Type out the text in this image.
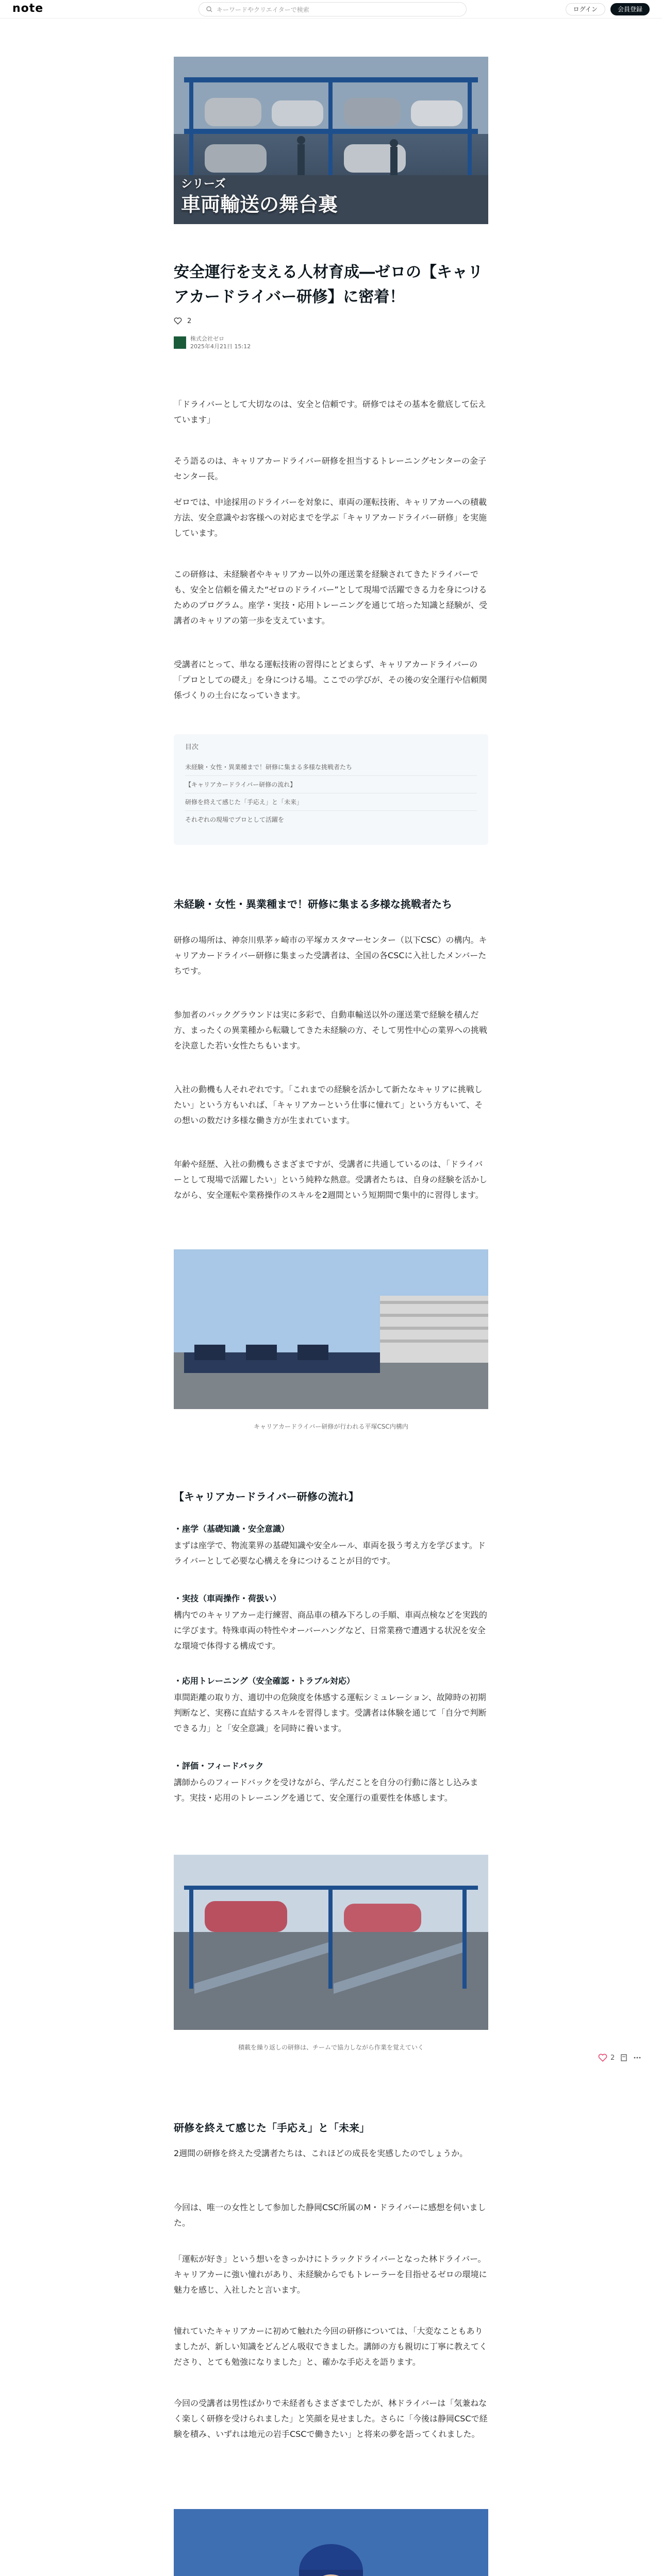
note	キーワードやクリエイターで検索	ログイン	会員登録
シリーズ
車両輸送の舞台裏
安全運行を支える人材育成―ゼロの【キャリアカードライバー研修】に密着！
2
株式会社ゼロ
2025年4月21日 15:12

「ドライバーとして大切なのは、安全と信頼です。研修ではその基本を徹底して伝えています」

そう語るのは、キャリアカードライバー研修を担当するトレーニングセンターの金子センター長。

ゼロでは、中途採用のドライバーを対象に、車両の運転技術、キャリアカーへの積載方法、安全意識やお客様への対応までを学ぶ「キャリアカードライバー研修」を実施しています。

この研修は、未経験者やキャリアカー以外の運送業を経験されてきたドライバーでも、安全と信頼を備えた“ゼロのドライバー”として現場で活躍できる力を身につけるためのプログラム。座学・実技・応用トレーニングを通じて培った知識と経験が、受講者のキャリアの第一歩を支えています。

受講者にとって、単なる運転技術の習得にとどまらず、キャリアカードライバーの「プロとしての礎え」を身につける場。ここでの学びが、その後の安全運行や信頼関係づくりの土台になっていきます。

目次
未経験・女性・異業種まで！研修に集まる多様な挑戦者たち
【キャリアカードライバー研修の流れ】
研修を終えて感じた「手応え」と「未来」
それぞれの現場でプロとして活躍を
未経験・女性・異業種まで！研修に集まる多様な挑戦者たち

研修の場所は、神奈川県茅ヶ崎市の平塚カスタマーセンター（以下CSC）の構内。キャリアカードライバー研修に集まった受講者は、全国の各CSCに入社したメンバーたちです。

参加者のバックグラウンドは実に多彩で、自動車輸送以外の運送業で経験を積んだ方、まったくの異業種から転職してきた未経験の方、そして男性中心の業界への挑戦を決意した若い女性たちもいます。

入社の動機も人それぞれです。「これまでの経験を活かして新たなキャリアに挑戦したい」という方もいれば、「キャリアカーという仕事に憧れて」という方もいて、その想いの数だけ多様な働き方が生まれています。

年齢や経歴、入社の動機もさまざまですが、受講者に共通しているのは、「ドライバーとして現場で活躍したい」という純粋な熱意。受講者たちは、自身の経験を活かしながら、安全運転や業務操作のスキルを2週間という短期間で集中的に習得します。

キャリアカードライバー研修が行われる平塚CSC内構内
【キャリアカードライバー研修の流れ】
・座学（基礎知識・安全意識）

まずは座学で、物流業界の基礎知識や安全ルール、車両を扱う考え方を学びます。ドライバーとして必要な心構えを身につけることが目的です。

・実技（車両操作・荷扱い）

構内でのキャリアカー走行練習、商品車の積み下ろしの手順、車両点検などを実践的に学びます。特殊車両の特性やオーバーハングなど、日常業務で遭遇する状況を安全な環境で体得する構成です。

・応用トレーニング（安全確認・トラブル対応）

車間距離の取り方、適切中の危険度を体感する運転シミュレーション、故障時の初期判断など、実務に直結するスキルを習得します。受講者は体験を通じて「自分で判断できる力」と「安全意識」を同時に養います。

・評価・フィードバック

講師からのフィードバックを受けながら、学んだことを自分の行動に落とし込みます。実技・応用のトレーニングを通じて、安全運行の重要性を体感します。

積載を繰り返しの研修は、チームで協力しながら作業を覚えていく
研修を終えて感じた「手応え」と「未来」

2週間の研修を終えた受講者たちは、これほどの成長を実感したのでしょうか。

今回は、唯一の女性として参加した静岡CSC所属のM・ドライバーに感想を伺いました。

「運転が好き」という想いをきっかけにトラックドライバーとなった林ドライバー。キャリアカーに強い憧れがあり、未経験からでもトレーラーを目指せるゼロの環境に魅力を感じ、入社したと言います。

憧れていたキャリアカーに初めて触れた今回の研修については、「大変なこともありましたが、新しい知識をどんどん吸収できました。講師の方も親切に丁寧に教えてくださり、とても勉強になりました」と、確かな手応えを語ります。

今回の受講者は男性ばかりで未経者もさまざまでしたが、林ドライバーは「気兼ねなく楽しく研修を受けられました」と笑顔を見せました。さらに「今後は静岡CSCで経験を積み、いずれは地元の岩手CSCで働きたい」と将来の夢を語ってくれました。

2
